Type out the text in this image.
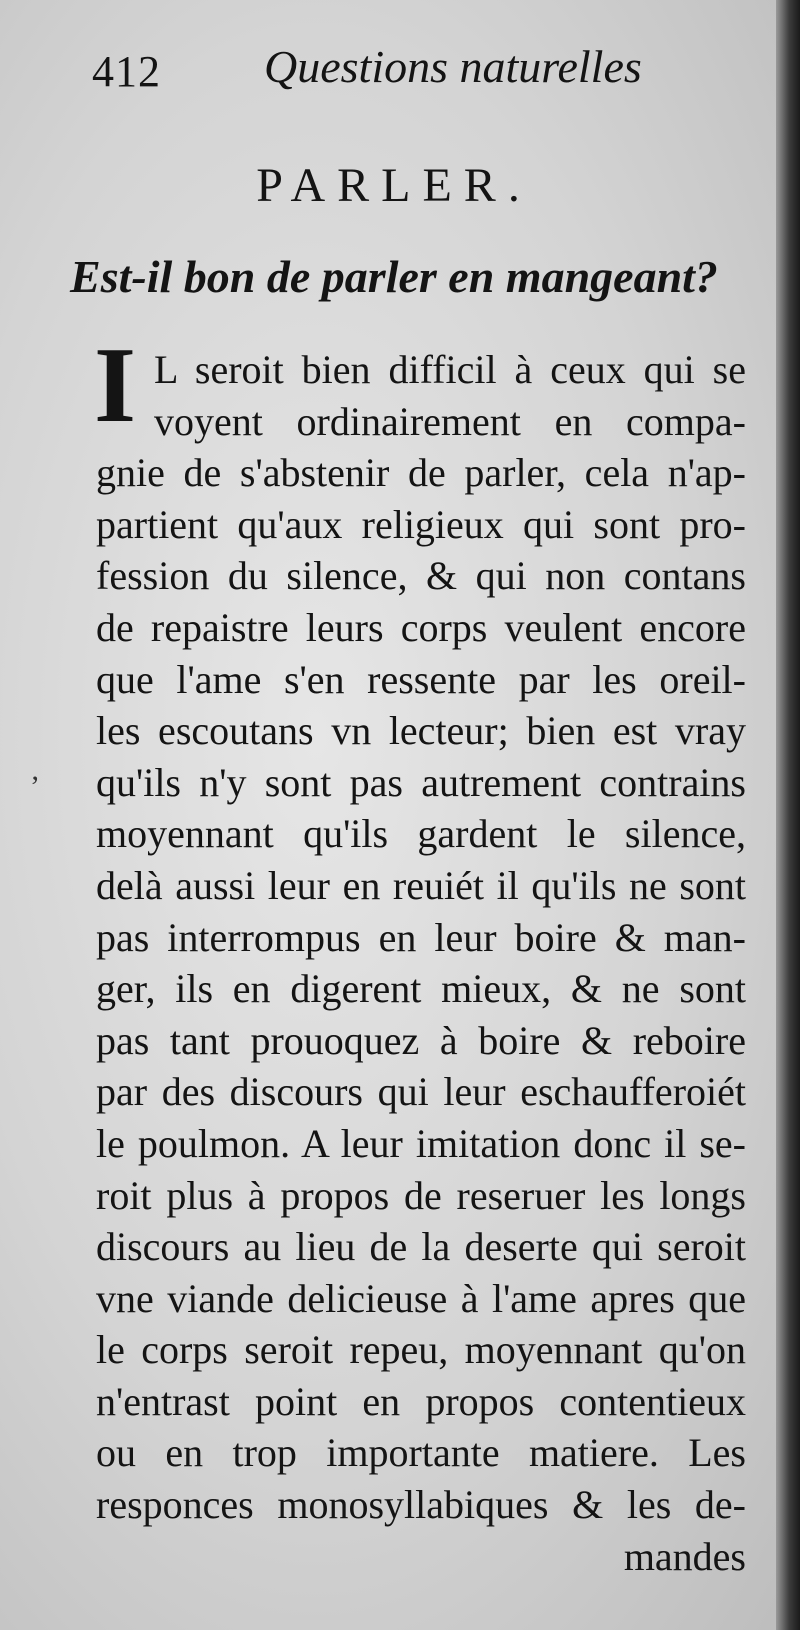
412 Questions naturelles
PARLER.
Est-il bon de parler en mangeant?
’
I L seroit bien difficil à ceux qui se
voyent ordinairement en compa-
gnie de s'abstenir de parler, cela n'ap-
partient qu'aux religieux qui sont pro-
fession du silence, & qui non contans
de repaistre leurs corps veulent encore
que l'ame s'en ressente par les oreil-
les escoutans vn lecteur; bien est vray
qu'ils n'y sont pas autrement contrains
moyennant qu'ils gardent le silence,
delà aussi leur en reuiét il qu'ils ne sont
pas interrompus en leur boire & man-
ger, ils en digerent mieux, & ne sont
pas tant prouoquez à boire & reboire
par des discours qui leur eschaufferoiét
le poulmon. A leur imitation donc il se-
roit plus à propos de reseruer les longs
discours au lieu de la deserte qui seroit
vne viande delicieuse à l'ame apres que
le corps seroit repeu, moyennant qu'on
n'entrast point en propos contentieux
ou en trop importante matiere. Les
responces monosyllabiques & les de-
mandes
